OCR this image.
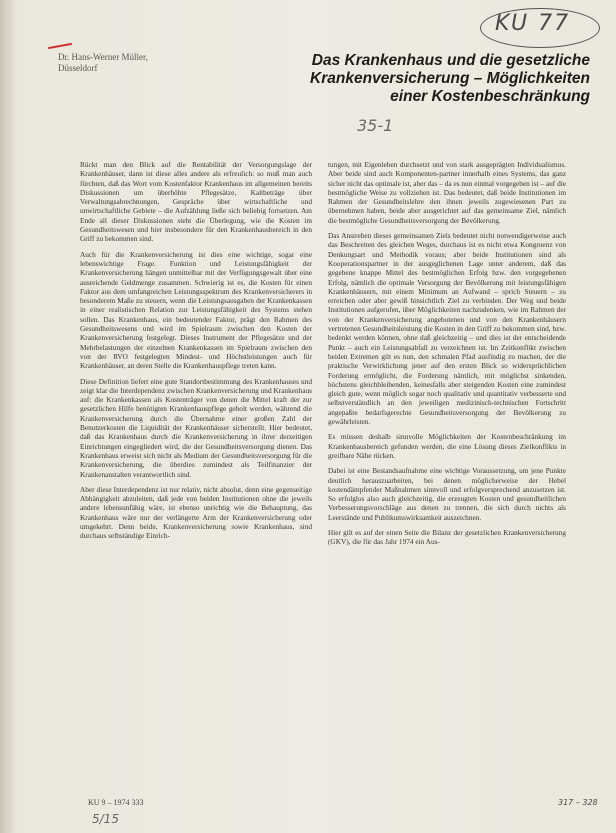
KU 77
Dr. Hans-Werner Müller,
Düsseldorf	Das Krankenhaus und die gesetzliche
Krankenversicherung – Möglichkeiten
einer Kostenbeschränkung
35-1

Rückt man den Blick auf die Rentabilität der Versorgungslage der Krankenhäuser, dann ist diese alles andere als erfreulich: so muß man auch fürchten, daß das Wort vom Kostenfaktor Krankenhaus im allgemeinen bereits Diskussionen um überhöhte Pflegesätze, Kaltbeträge über Verwaltungsabrechnungen, Gespräche über wirtschaftliche und unwirtschaftliche Gebiete – die Aufzählung ließe sich beliebig fortsetzen. Am Ende all dieser Diskussionen steht die Überlegung, wie die Kosten im Gesundheitswesen und hier insbesondere für den Krankenhausbereich in den Griff zu bekommen sind.

Auch für die Krankenversicherung ist dies eine wichtige, sogar eine lebenswichtige Frage. Funktion und Leistungsfähigkeit der Krankenversicherung hängen unmittelbar mit der Verfügungsgewalt über eine ausreichende Geldmenge zusammen. Schwierig ist es, die Kosten für einen Faktor aus dem umfangreichen Leistungsspektrum des Krankenversicherers in besonderem Maße zu steuern, wenn die Leistungsausgaben der Krankenkassen in einer realistischen Relation zur Leistungsfähigkeit des Systems stehen sollen. Das Krankenhaus, ein bedeutender Faktor, prägt den Rahmen des Gesundheitswesens und wird im Spielraum zwischen den Kosten der Krankenversicherung festgelegt. Dieses Instrument der Pflegesätze und der Mehrbelastungen der einzelnen Krankenkassen im Spielraum zwischen den von der RVO festgelegten Mindest- und Höchstleistungen auch für Krankenhäuser, an deren Stelle die Krankenhauspflege treten kann.

Diese Definition liefert eine gute Standortbestimmung des Krankenhauses und zeigt klar die Interdependenz zwischen Krankenversicherung und Krankenhaus auf: die Krankenkassen als Kostenträger von denen die Mittel kraft der zur gesetzlichen Hilfe benötigten Krankenhauspflege geholt werden, während die Krankenversicherung durch die Übernahme einer großen Zahl der Benutzerkosten die Liquidität der Krankenhäuser sicherstellt. Hier bedeutet, daß das Krankenhaus durch die Krankenversicherung in ihrer derzeitigen Einrichtungen eingegliedert wird, die der Gesundheitsversorgung dienen. Das Krankenhaus erweist sich nicht als Medium der Gesundheitsversorgung für die Krankenversicherung, die überdies zumindest als Teilfinanzier der Krankenanstalten verantwortlich sind.

Aber diese Interdependenz ist nur relativ, nicht absolut, denn eine gegenseitige Abhängigkeit abzuleiten, daß jede von beiden Institutionen ohne die jeweils andere lebensunfähig wäre, ist ebenso unrichtig wie die Behauptung, das Krankenhaus wäre nur der verlängerte Arm der Krankenversicherung oder umgekehrt. Denn beide, Krankenversicherung sowie Krankenhaus, sind durchaus selbständige Einrich-

tungen, mit Eigenleben durchsetzt und von stark ausgeprägten Individualismus. Aber beide sind auch Komponenten-partner innerhalb eines Systems, das ganz sicher nicht das optimale ist, aber das – da es nun einmal vorgegeben ist – auf die bestmögliche Weise zu vollziehen ist. Das bedeutet, daß beide Institutionen im Rahmen der Gesundheitslehre den ihnen jeweils zugewiesenen Part zu übernehmen haben, beide aber ausgerichtet auf das gemeinsame Ziel, nämlich die bestmögliche Gesundheitsversorgung der Bevölkerung.

Das Anstreben dieses gemeinsamen Ziels bedeutet nicht notwendigerweise auch das Beschreiten des gleichen Weges, durchaus ist es nicht etwa Kongruenz von Denkungsart und Methodik voraus; aber beide Institutionen sind als Kooperationspartner in der ausgeglichenen Lage unter anderem, daß das gegebene knappe Mittel des bestmöglichen Erfolg bzw. den vorgegebenen Erfolg, nämlich die optimale Versorgung der Bevölkerung mit leistungsfähigen Krankenhäusern, mit einem Minimum an Aufwand – sprich Steuern – zu erreichen oder aber gewiß hinsichtlich Ziel zu verbinden. Der Weg und beide Institutionen aufgerufen, über Möglichkeiten nachzudenken, wie im Rahmen der von der Krankenversicherung angebotenen und von den Krankenhäusern vertretenen Gesundheitsleistung die Kosten in den Griff zu bekommen sind, bzw. bedenkt werden können, ohne daß gleichzeitig – und dies ist der entscheidende Punkt – auch ein Leistungsabfall zu verzeichnen ist. Im Zeitkonflikt zwischen beiden Extremen gilt es nun, den schmalen Pfad ausfindig zu machen, der die praktische Verwirklichung jener auf den ersten Blick so widersprüchlichen Forderung ermöglicht, die Forderung nämlich, mit möglichst sinkenden, höchstens gleichbleibenden, keinesfalls aber steigenden Kosten eine zumindest gleich gute, wenn möglich sogar noch qualitativ und quantitativ verbesserte und selbstverständlich an den jeweiligen medizinisch-technischen Fortschritt angepaßte bedarfsgerechte Gesundheitsversorgung der Bevölkerung zu gewährleisten.

Es müssen deshalb sinnvolle Möglichkeiten der Kostenbeschränkung im Krankenhausbereich gefunden werden, die eine Lösung dieses Zielkonflikts in greifbare Nähe rücken.

Dabei ist eine Bestandsaufnahme eine wichtige Voraussetzung, um jene Punkte deutlich herauszuarbeiten, bei denen möglicherweise der Hebel kostendämpfender Maßnahmen sinnvoll und erfolgversprechend anzusetzen ist. So erfolglos also auch gleichzeitig, die erzeugten Kosten und gesundheitlichen Verbesserungsvorschläge aus denen zu trennen, die sich durch nichts als Leerstände und Publikumswirksamkeit auszeichnen.

Hier gilt es auf der einen Seite die Bilanz der gesetzlichen Krankenversicherung (GKV), die für das Jahr 1974 ein Aus-

KU 9 – 1974 333	317 – 328
5/15
